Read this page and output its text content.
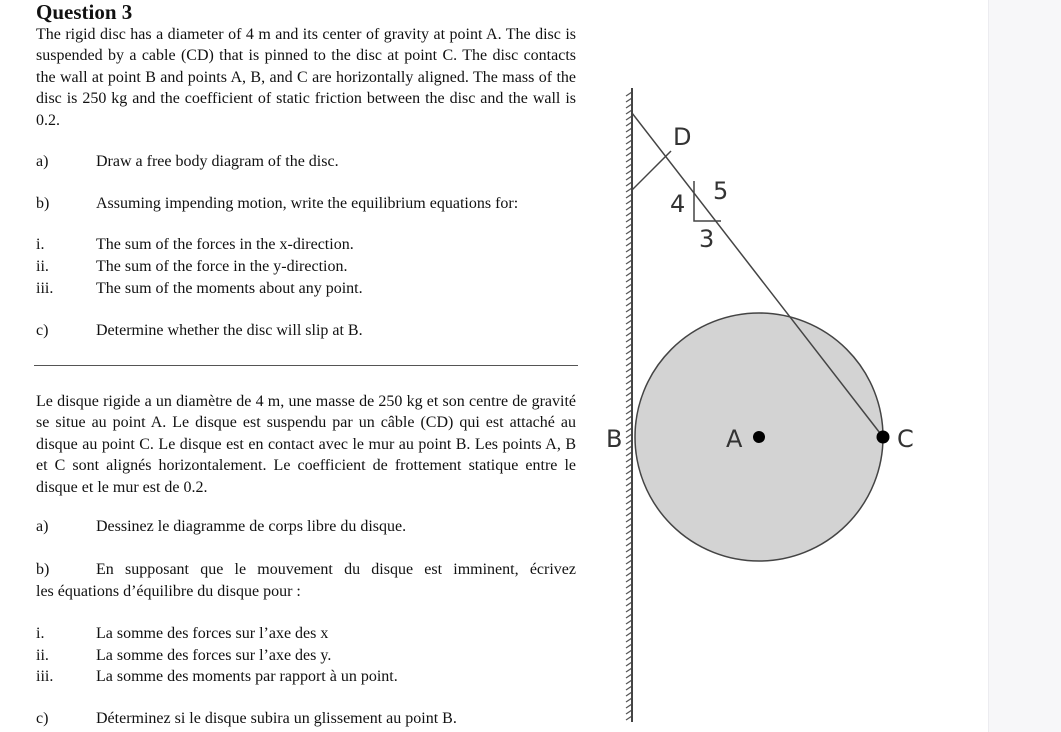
Question 3
The rigid disc has a diameter of 4 m and its center of gravity at point A. The disc is suspended by a cable (CD) that is pinned to the disc at point C. The disc contacts the wall at point B and points A, B, and C are horizontally aligned. The mass of the disc is 250 kg and the coefficient of static friction between the disc and the wall is 0.2.
a)	Draw a free body diagram of the disc.
b)	Assuming impending motion, write the equilibrium equations for:
i.	The sum of the forces in the x-direction.
ii.	The sum of the force in the y-direction.
iii.	The sum of the moments about any point.
c)	Determine whether the disc will slip at B.
Le disque rigide a un diamètre de 4 m, une masse de 250 kg et son centre de gravité se situe au point A. Le disque est suspendu par un câble (CD) qui est attaché au disque au point C. Le disque est en contact avec le mur au point B. Les points A, B et C sont alignés horizontalement. Le coefficient de frottement statique entre le disque et le mur est de 0.2.
a)	Dessinez le diagramme de corps libre du disque.
b)	En supposant que le mouvement du disque est imminent, écrivez
les équations d’équilibre du disque pour :
i.	La somme des forces sur l’axe des x
ii.	La somme des forces sur l’axe des y.
iii.	La somme des moments par rapport à un point.
c)	Déterminez si le disque subira un glissement au point B.
D
A
B	C
4 5
3
